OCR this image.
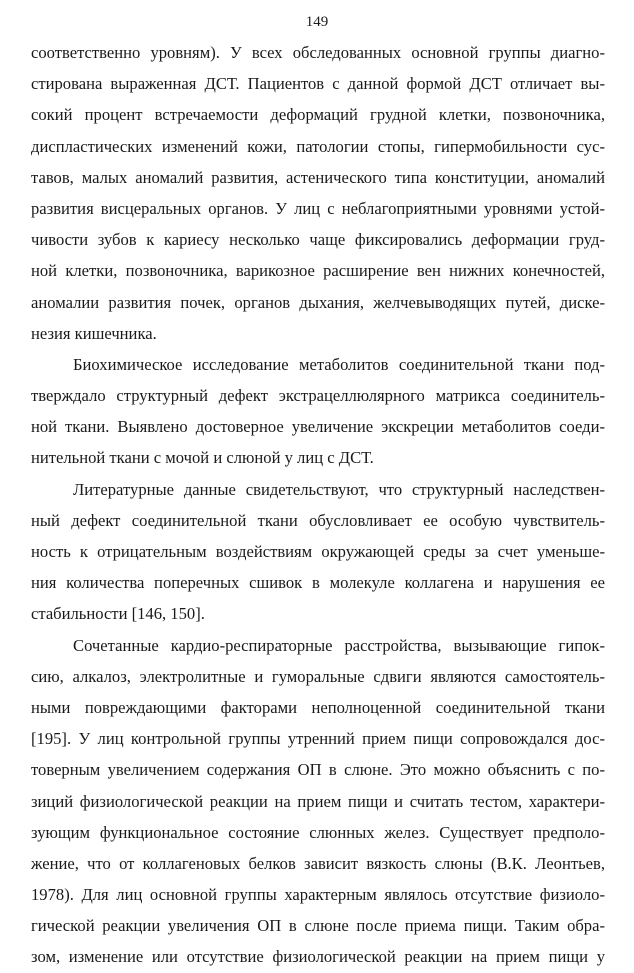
149
соответственно уровням). У всех обследованных основной группы диагно-
стирована выраженная ДСТ. Пациентов с данной формой ДСТ отличает вы-
сокий процент встречаемости деформаций грудной клетки, позвоночника,
диспластических изменений кожи, патологии стопы, гипермобильности сус-
тавов, малых аномалий развития, астенического типа конституции, аномалий
развития висцеральных органов. У лиц с неблагоприятными уровнями устой-
чивости зубов к кариесу несколько чаще фиксировались деформации груд-
ной клетки, позвоночника, варикозное расширение вен нижних конечностей,
аномалии развития почек, органов дыхания, желчевыводящих путей, диске-
незия кишечника.
Биохимическое исследование метаболитов соединительной ткани под-
тверждало структурный дефект экстрацеллюлярного матрикса соединитель-
ной ткани. Выявлено достоверное увеличение экскреции метаболитов соеди-
нительной ткани с мочой и слюной у лиц с ДСТ.
Литературные данные свидетельствуют, что структурный наследствен-
ный дефект соединительной ткани обусловливает ее особую чувствитель-
ность к отрицательным воздействиям окружающей среды за счет уменьше-
ния количества поперечных сшивок в молекуле коллагена и нарушения ее
стабильности [146, 150].
Сочетанные кардио-респираторные расстройства, вызывающие гипок-
сию, алкалоз, электролитные и гуморальные сдвиги являются самостоятель-
ными повреждающими факторами неполноценной соединительной ткани
[195]. У лиц контрольной группы утренний прием пищи сопровождался дос-
товерным увеличением содержания ОП в слюне. Это можно объяснить с по-
зиций физиологической реакции на прием пищи и считать тестом, характери-
зующим функциональное состояние слюнных желез. Существует предполо-
жение, что от коллагеновых белков зависит вязкость слюны (В.К. Леонтьев,
1978). Для лиц основной группы характерным являлось отсутствие физиоло-
гической реакции увеличения ОП в слюне после приема пищи. Таким обра-
зом, изменение или отсутствие физиологической реакции на прием пищи у
